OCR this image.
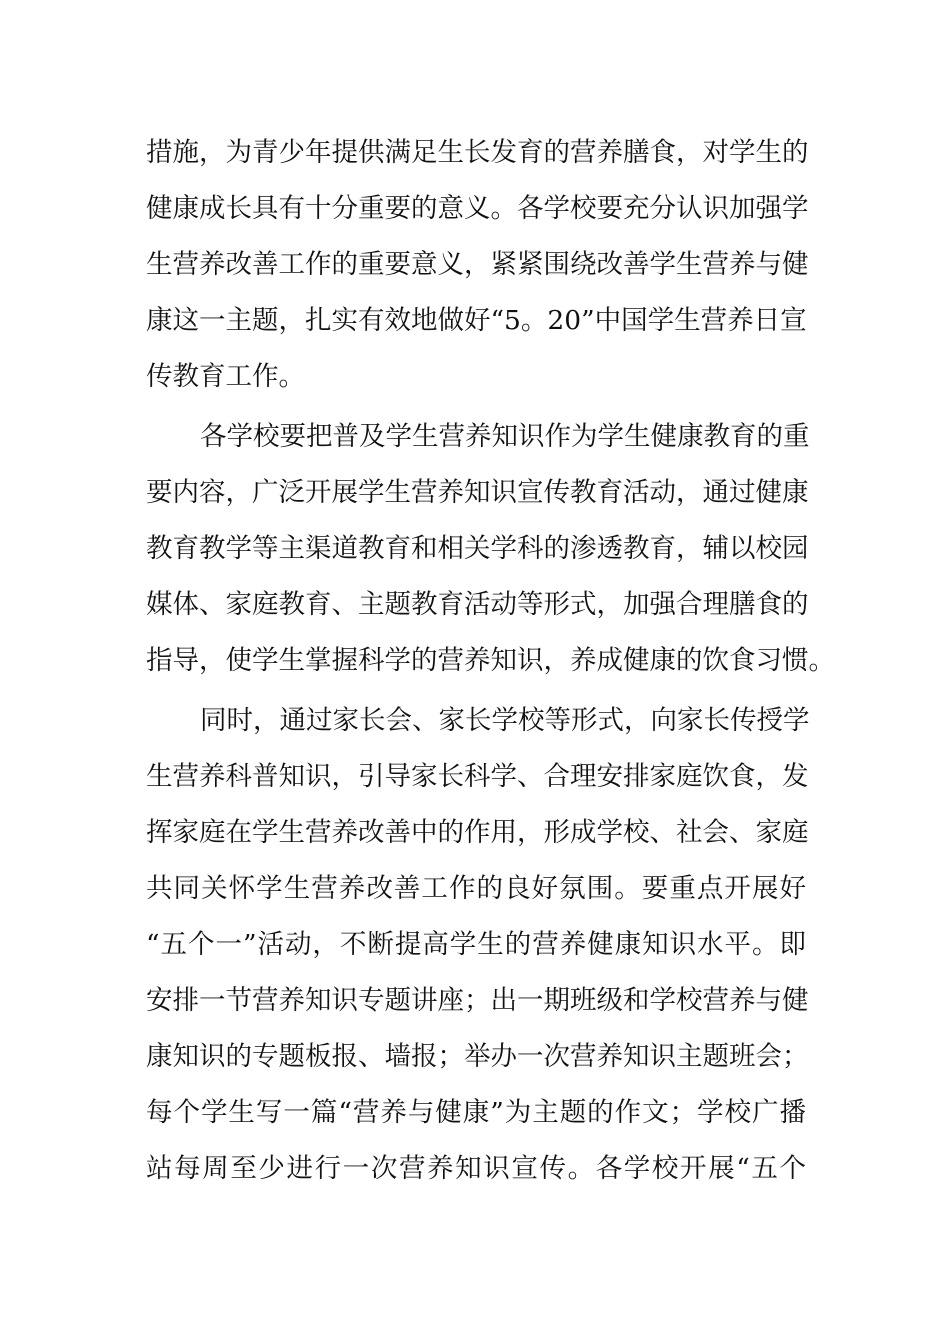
措施，为青少年提供满足生长发育的营养膳食，对学生的
健康成长具有十分重要的意义。各学校要充分认识加强学
生营养改善工作的重要意义，紧紧围绕改善学生营养与健
康这一主题，扎实有效地做好“5。20”中国学生营养日宣
传教育工作。
各学校要把普及学生营养知识作为学生健康教育的重
要内容，广泛开展学生营养知识宣传教育活动，通过健康
教育教学等主渠道教育和相关学科的渗透教育，辅以校园
媒体、家庭教育、主题教育活动等形式，加强合理膳食的
指导，使学生掌握科学的营养知识，养成健康的饮食习惯。
同时，通过家长会、家长学校等形式，向家长传授学
生营养科普知识，引导家长科学、合理安排家庭饮食，发
挥家庭在学生营养改善中的作用，形成学校、社会、家庭
共同关怀学生营养改善工作的良好氛围。要重点开展好
“五个一”活动，不断提高学生的营养健康知识水平。即
安排一节营养知识专题讲座；出一期班级和学校营养与健
康知识的专题板报、墙报；举办一次营养知识主题班会；
每个学生写一篇“营养与健康”为主题的作文；学校广播
站每周至少进行一次营养知识宣传。各学校开展“五个
